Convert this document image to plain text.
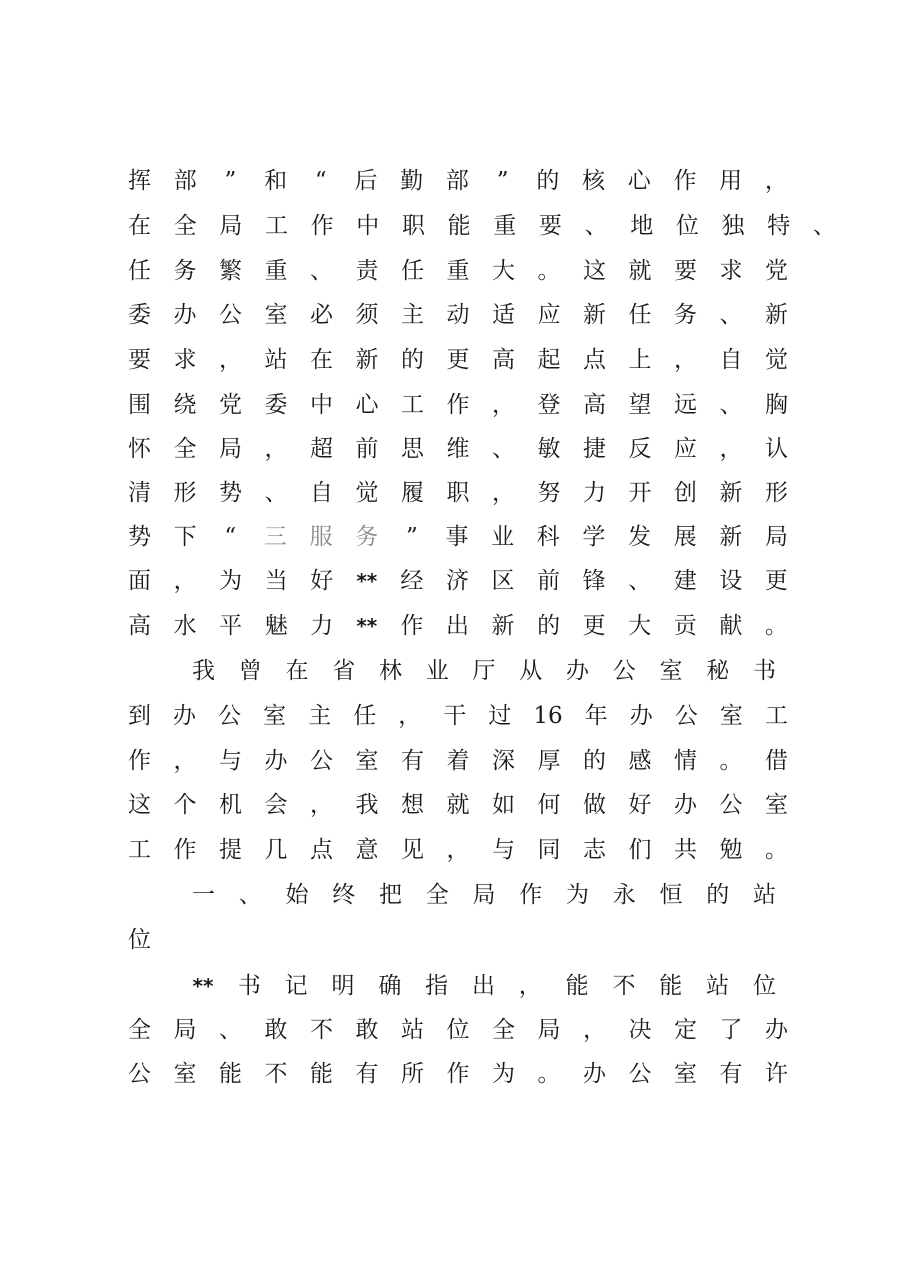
挥 部 ” 和 “ 后 勤 部 ” 的 核 心 作 用 ，
在 全 局 工 作 中 职 能 重 要 、 地 位 独 特 、
任 务 繁 重 、 责 任 重 大 。 这 就 要 求 党
委 办 公 室 必 须 主 动 适 应 新 任 务 、 新
要 求 ， 站 在 新 的 更 高 起 点 上 ， 自 觉
围 绕 党 委 中 心 工 作 ， 登 高 望 远 、 胸
怀 全 局 ， 超 前 思 维 、 敏 捷 反 应 ， 认
清 形 势 、 自 觉 履 职 ， 努 力 开 创 新 形
势 下 “ 三 服 务 ” 事 业 科 学 发 展 新 局
面 ， 为 当 好 ** 经 济 区 前 锋 、 建 设 更
高 水 平 魅 力 ** 作 出 新 的 更 大 贡 献 。
我 曾 在 省 林 业 厅 从 办 公 室 秘 书
到 办 公 室 主 任 ， 干 过 16 年 办 公 室 工
作 ， 与 办 公 室 有 着 深 厚 的 感 情 。 借
这 个 机 会 ， 我 想 就 如 何 做 好 办 公 室
工 作 提 几 点 意 见 ， 与 同 志 们 共 勉 。
一 、 始 终 把 全 局 作 为 永 恒 的 站
位
** 书 记 明 确 指 出 ， 能 不 能 站 位
全 局 、 敢 不 敢 站 位 全 局 ， 决 定 了 办
公 室 能 不 能 有 所 作 为 。 办 公 室 有 许
